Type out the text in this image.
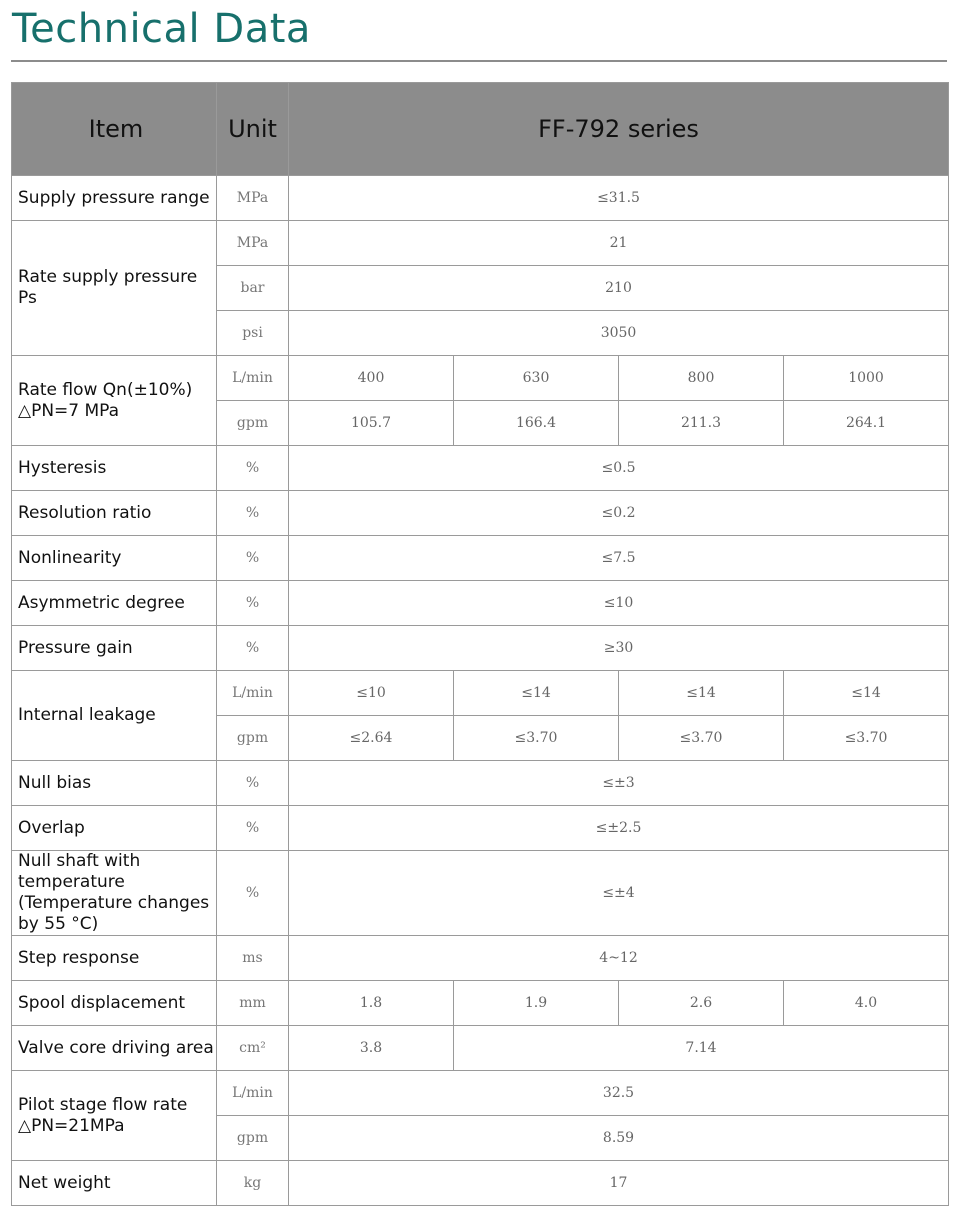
Technical Data
Item	Unit	FF-792 series			
Supply pressure range	MPa	≤31.5			
Rate supply pressure Ps	MPa	21			
	bar	210			
	psi	3050			
Rate flow Qn(±10%) △PN=7 MPa	L/min	400	630	800	1000
	gpm	105.7	166.4	211.3	264.1
Hysteresis	%	≤0.5			
Resolution ratio	%	≤0.2			
Nonlinearity	%	≤7.5			
Asymmetric degree	%	≤10			
Pressure gain	%	≥30			
Internal leakage	L/min	≤10	≤14	≤14	≤14
	gpm	≤2.64	≤3.70	≤3.70	≤3.70
Null bias	%	≤±3			
Overlap	%	≤±2.5			
Null shaft with temperature (Temperature changes by 55 °C)	%	≤±4			
Step response	ms	4~12			
Spool displacement	mm	1.8	1.9	2.6	4.0
Valve core driving area	cm²	3.8	7.14		
Pilot stage flow rate △PN=21MPa	L/min	32.5			
	gpm	8.59			
Net weight	kg	17			
